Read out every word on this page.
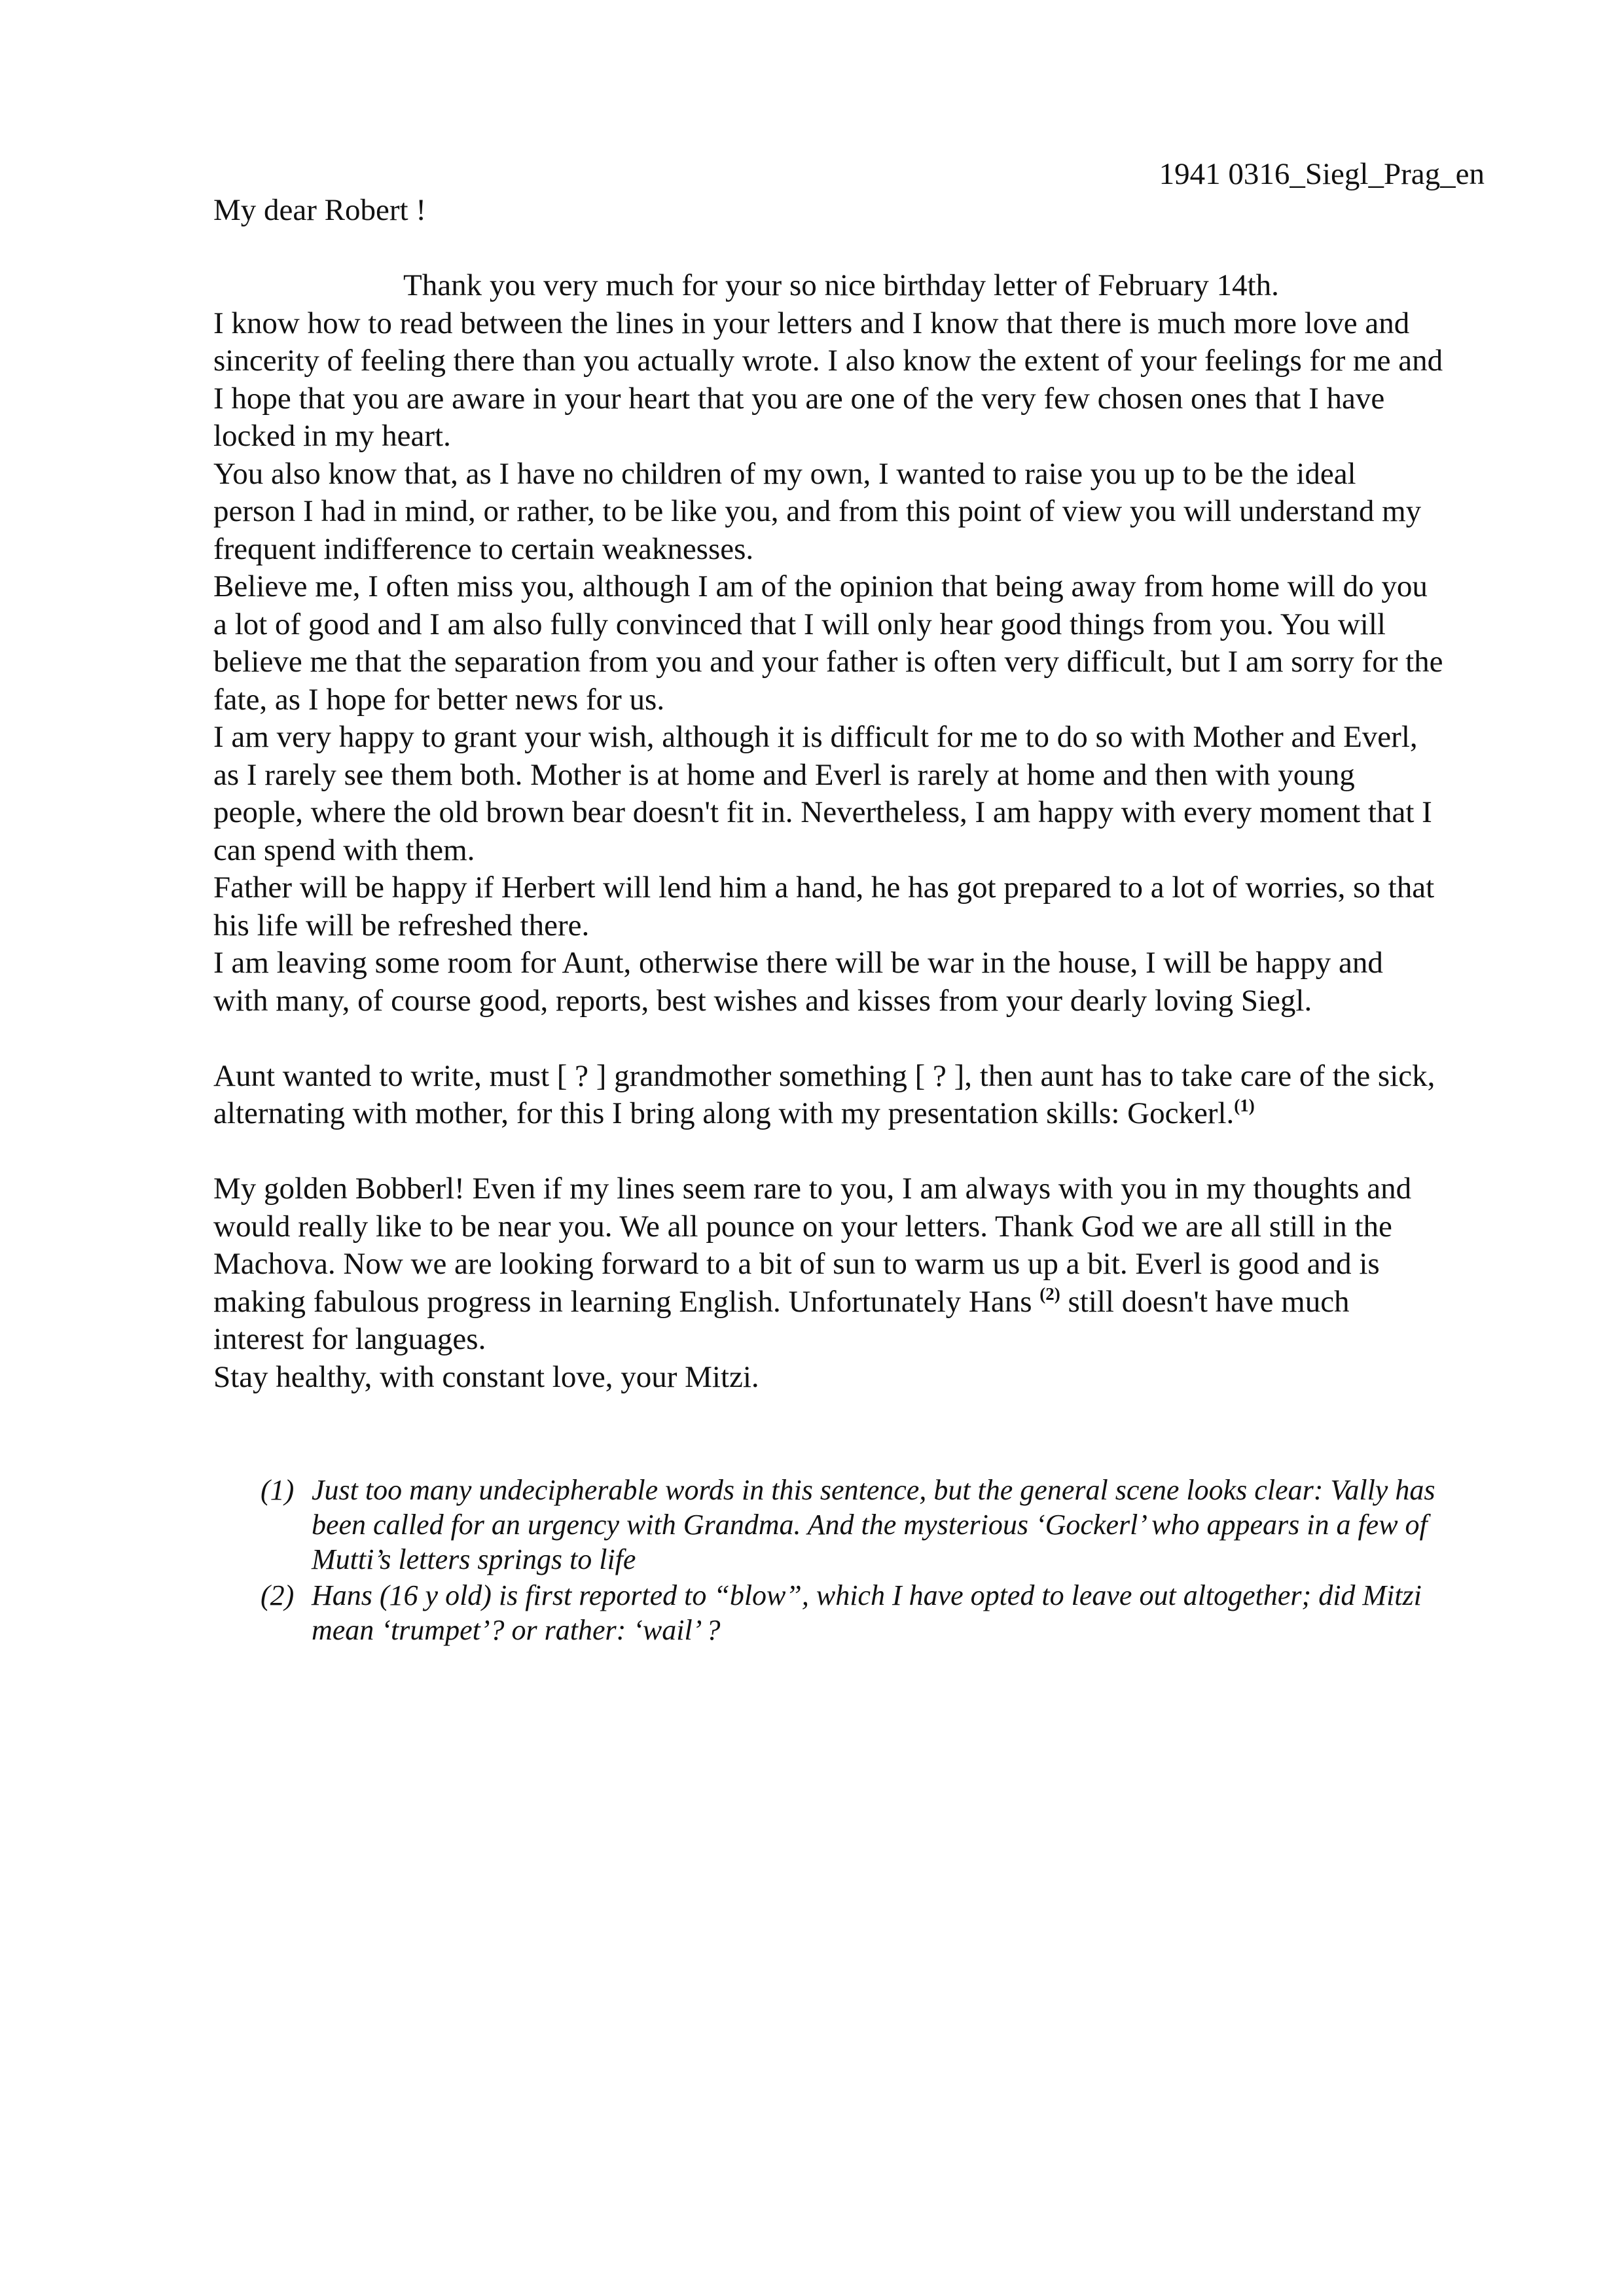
1941 0316_Siegl_Prag_en

My dear Robert !

Thank you very much for your so nice birthday letter of February 14th.

I know how to read between the lines in your letters and I know that there is much more love and

sincerity of feeling there than you actually wrote. I also know the extent of your feelings for me and

I hope that you are aware in your heart that you are one of the very few chosen ones that I have

locked in my heart.

You also know that, as I have no children of my own, I wanted to raise you up to be the ideal

person I had in mind, or rather, to be like you, and from this point of view you will understand my

frequent indifference to certain weaknesses.

Believe me, I often miss you, although I am of the opinion that being away from home will do you

a lot of good and I am also fully convinced that I will only hear good things from you. You will

believe me that the separation from you and your father is often very difficult, but I am sorry for the

fate, as I hope for better news for us.

I am very happy to grant your wish, although it is difficult for me to do so with Mother and Everl,

as I rarely see them both. Mother is at home and Everl is rarely at home and then with young

people, where the old brown bear doesn't fit in. Nevertheless, I am happy with every moment that I

can spend with them.

Father will be happy if Herbert will lend him a hand, he has got prepared to a lot of worries, so that

his life will be refreshed there.

I am leaving some room for Aunt, otherwise there will be war in the house, I will be happy and

with many, of course good, reports, best wishes and kisses from your dearly loving Siegl.

Aunt wanted to write, must [ ? ] grandmother something [ ? ], then aunt has to take care of the sick,

alternating with mother, for this I bring along with my presentation skills: Gockerl.$^{(1)}$

My golden Bobberl! Even if my lines seem rare to you, I am always with you in my thoughts and

would really like to be near you. We all pounce on your letters. Thank God we are all still in the

Machova. Now we are looking forward to a bit of sun to warm us up a bit. Everl is good and is

making fabulous progress in learning English. Unfortunately Hans $^{(2)}$ still doesn't have much

interest for languages.

Stay healthy, with constant love, your Mitzi.

(1) Just too many undecipherable words in this sentence, but the general scene looks clear: Vally has
been called for an urgency with Grandma. And the mysterious ‘Gockerl’ who appears in a few of
Mutti’s letters springs to life
(2) Hans (16 y old) is first reported to “blow”, which I have opted to leave out altogether; did Mitzi
mean ‘trumpet’? or rather: ‘wail’ ?
